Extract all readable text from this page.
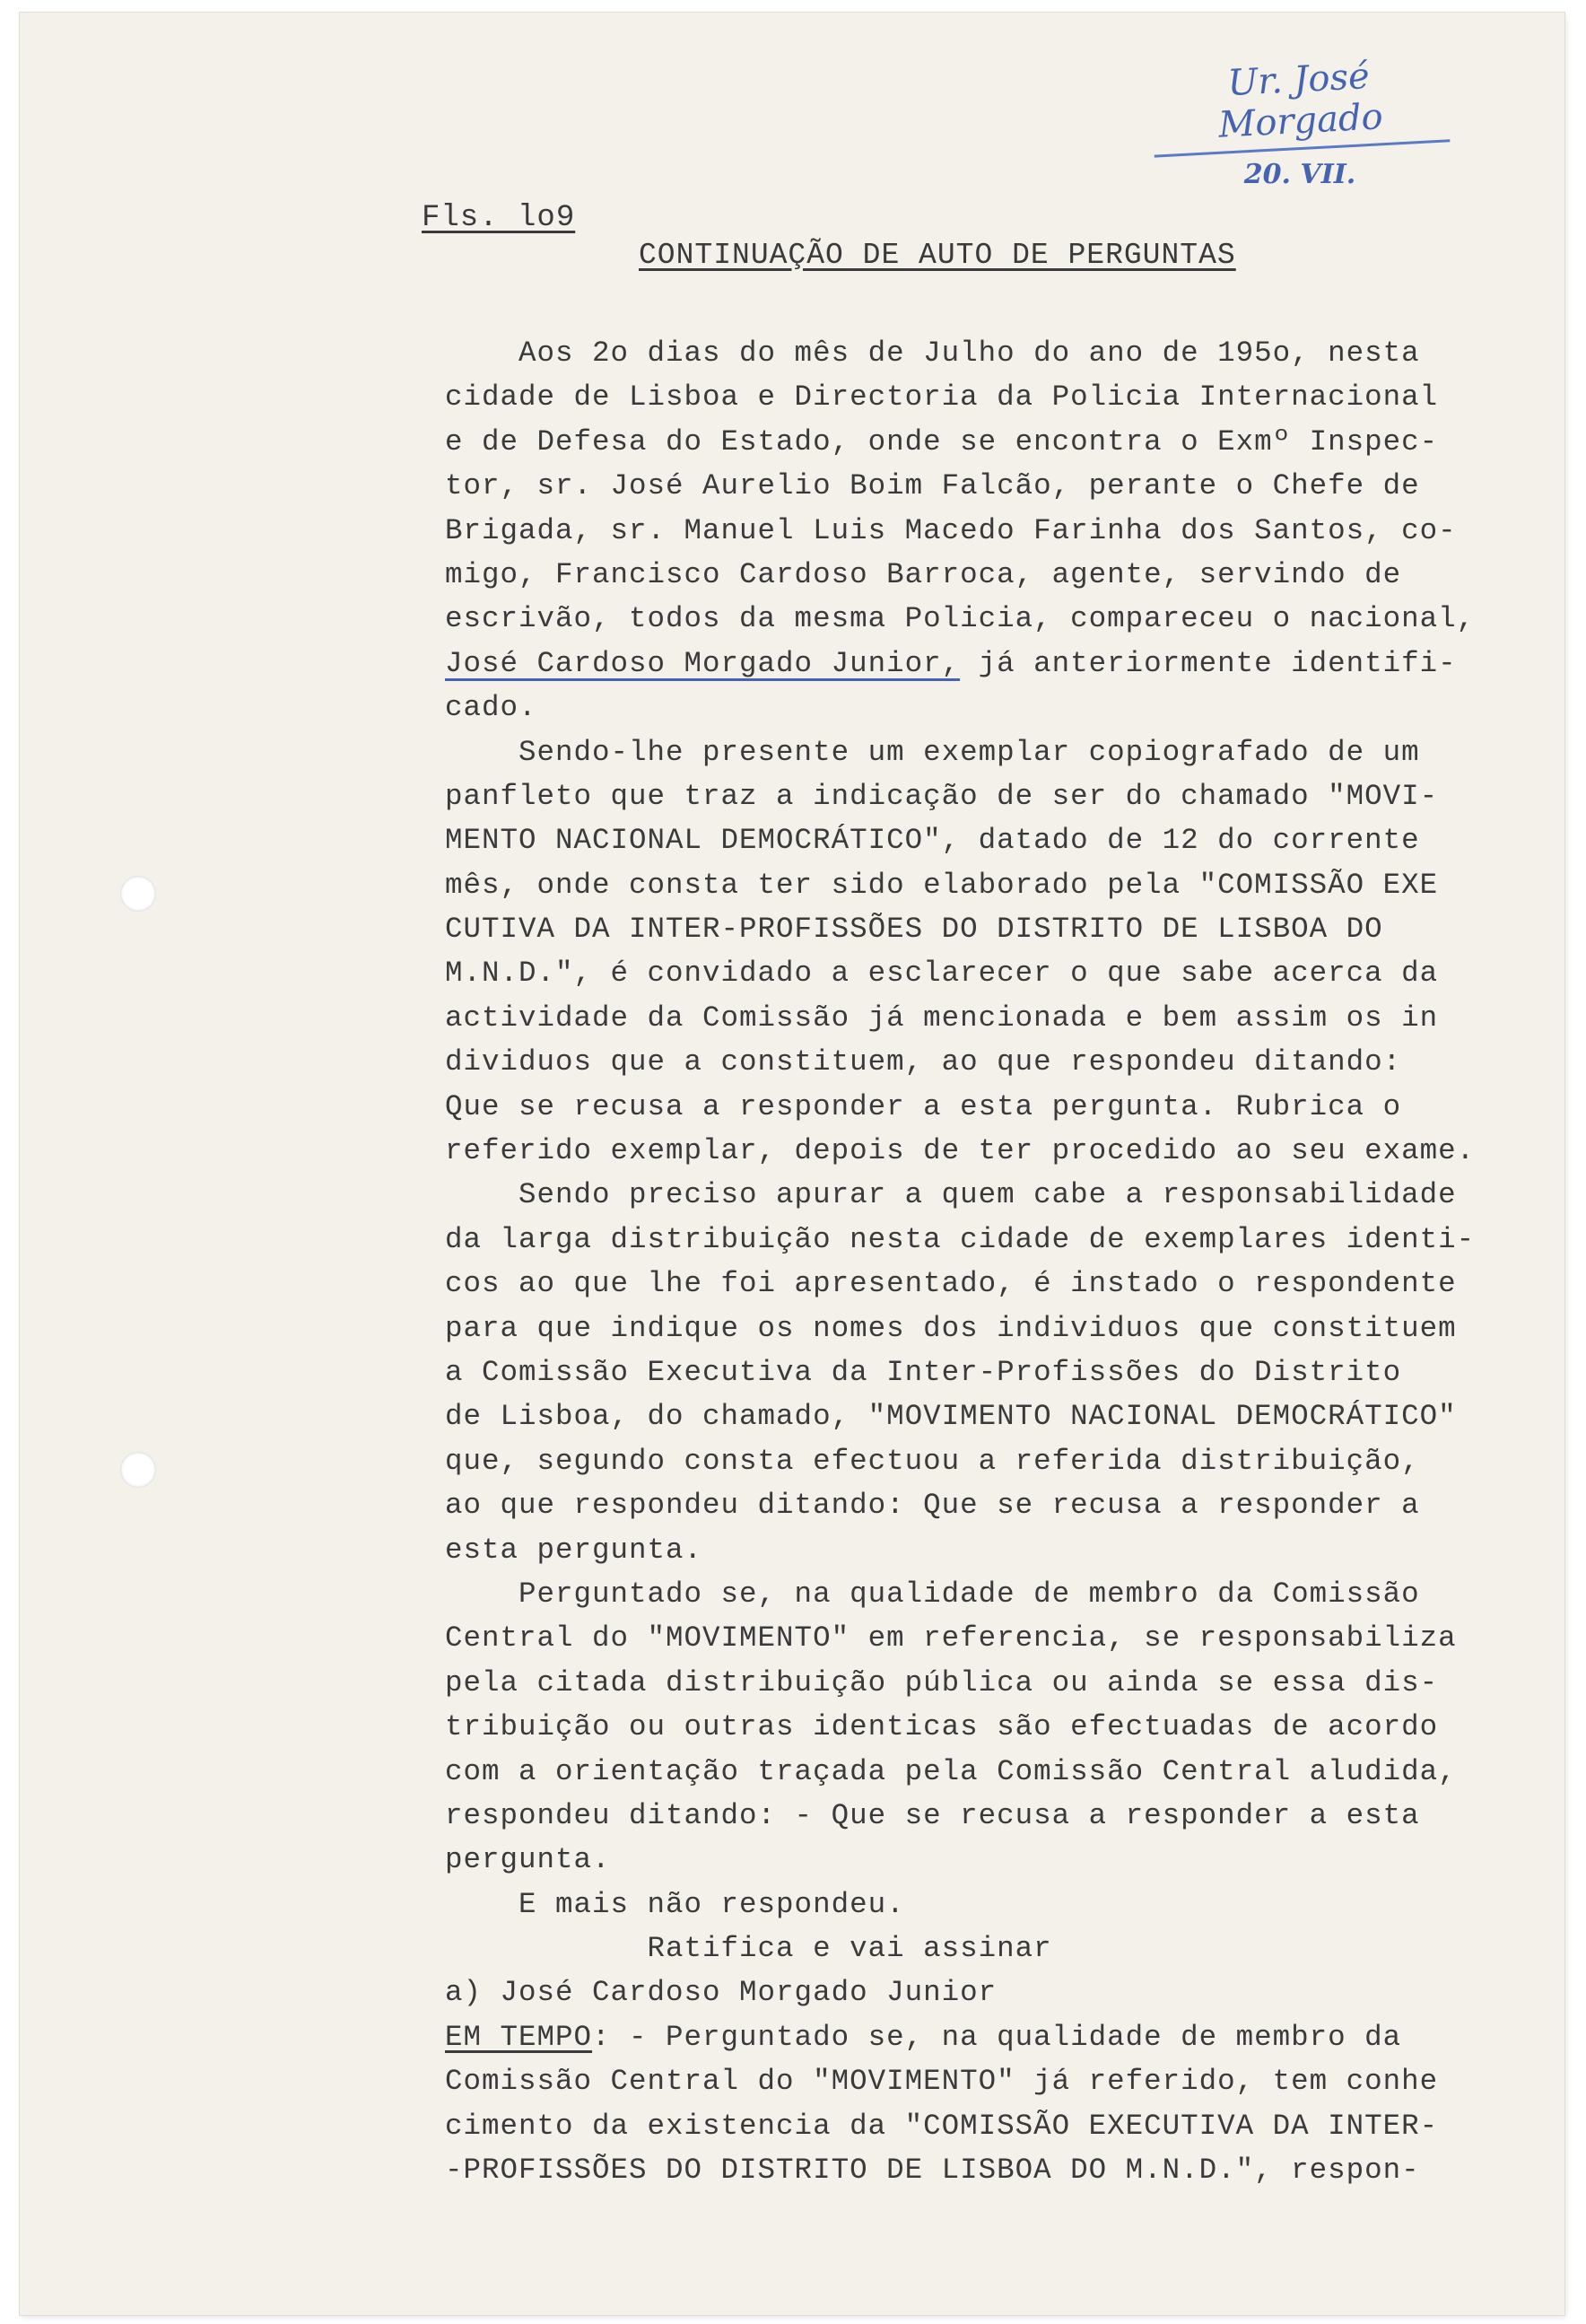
Ur. José Morgado
20. VII.
Fls. lo9
CONTINUAÇÃO DE AUTO DE PERGUNTAS
Aos 2o dias do mês de Julho do ano de 195o, nesta
cidade de Lisboa e Directoria da Policia Internacional
e de Defesa do Estado, onde se encontra o Exmº Inspec-
tor, sr. José Aurelio Boim Falcão, perante o Chefe de
Brigada, sr. Manuel Luis Macedo Farinha dos Santos, co-
migo, Francisco Cardoso Barroca, agente, servindo de
escrivão, todos da mesma Policia, compareceu o nacional,
José Cardoso Morgado Junior, já anteriormente identifi-
cado.
Sendo-lhe presente um exemplar copiografado de um
panfleto que traz a indicação de ser do chamado "MOVI-
MENTO NACIONAL DEMOCRÁTICO", datado de 12 do corrente
mês, onde consta ter sido elaborado pela "COMISSÃO EXE
CUTIVA DA INTER-PROFISSÕES DO DISTRITO DE LISBOA DO
M.N.D.", é convidado a esclarecer o que sabe acerca da
actividade da Comissão já mencionada e bem assim os in
dividuos que a constituem, ao que respondeu ditando:
Que se recusa a responder a esta pergunta. Rubrica o
referido exemplar, depois de ter procedido ao seu exame.
Sendo preciso apurar a quem cabe a responsabilidade
da larga distribuição nesta cidade de exemplares identi-
cos ao que lhe foi apresentado, é instado o respondente
para que indique os nomes dos individuos que constituem
a Comissão Executiva da Inter-Profissões do Distrito
de Lisboa, do chamado, "MOVIMENTO NACIONAL DEMOCRÁTICO"
que, segundo consta efectuou a referida distribuição,
ao que respondeu ditando: Que se recusa a responder a
esta pergunta.
Perguntado se, na qualidade de membro da Comissão
Central do "MOVIMENTO" em referencia, se responsabiliza
pela citada distribuição pública ou ainda se essa dis-
tribuição ou outras identicas são efectuadas de acordo
com a orientação traçada pela Comissão Central aludida,
respondeu ditando: - Que se recusa a responder a esta
pergunta.
E mais não respondeu.
Ratifica e vai assinar
a) José Cardoso Morgado Junior
EM TEMPO: - Perguntado se, na qualidade de membro da
Comissão Central do "MOVIMENTO" já referido, tem conhe
cimento da existencia da "COMISSÃO EXECUTIVA DA INTER-
-PROFISSÕES DO DISTRITO DE LISBOA DO M.N.D.", respon-
